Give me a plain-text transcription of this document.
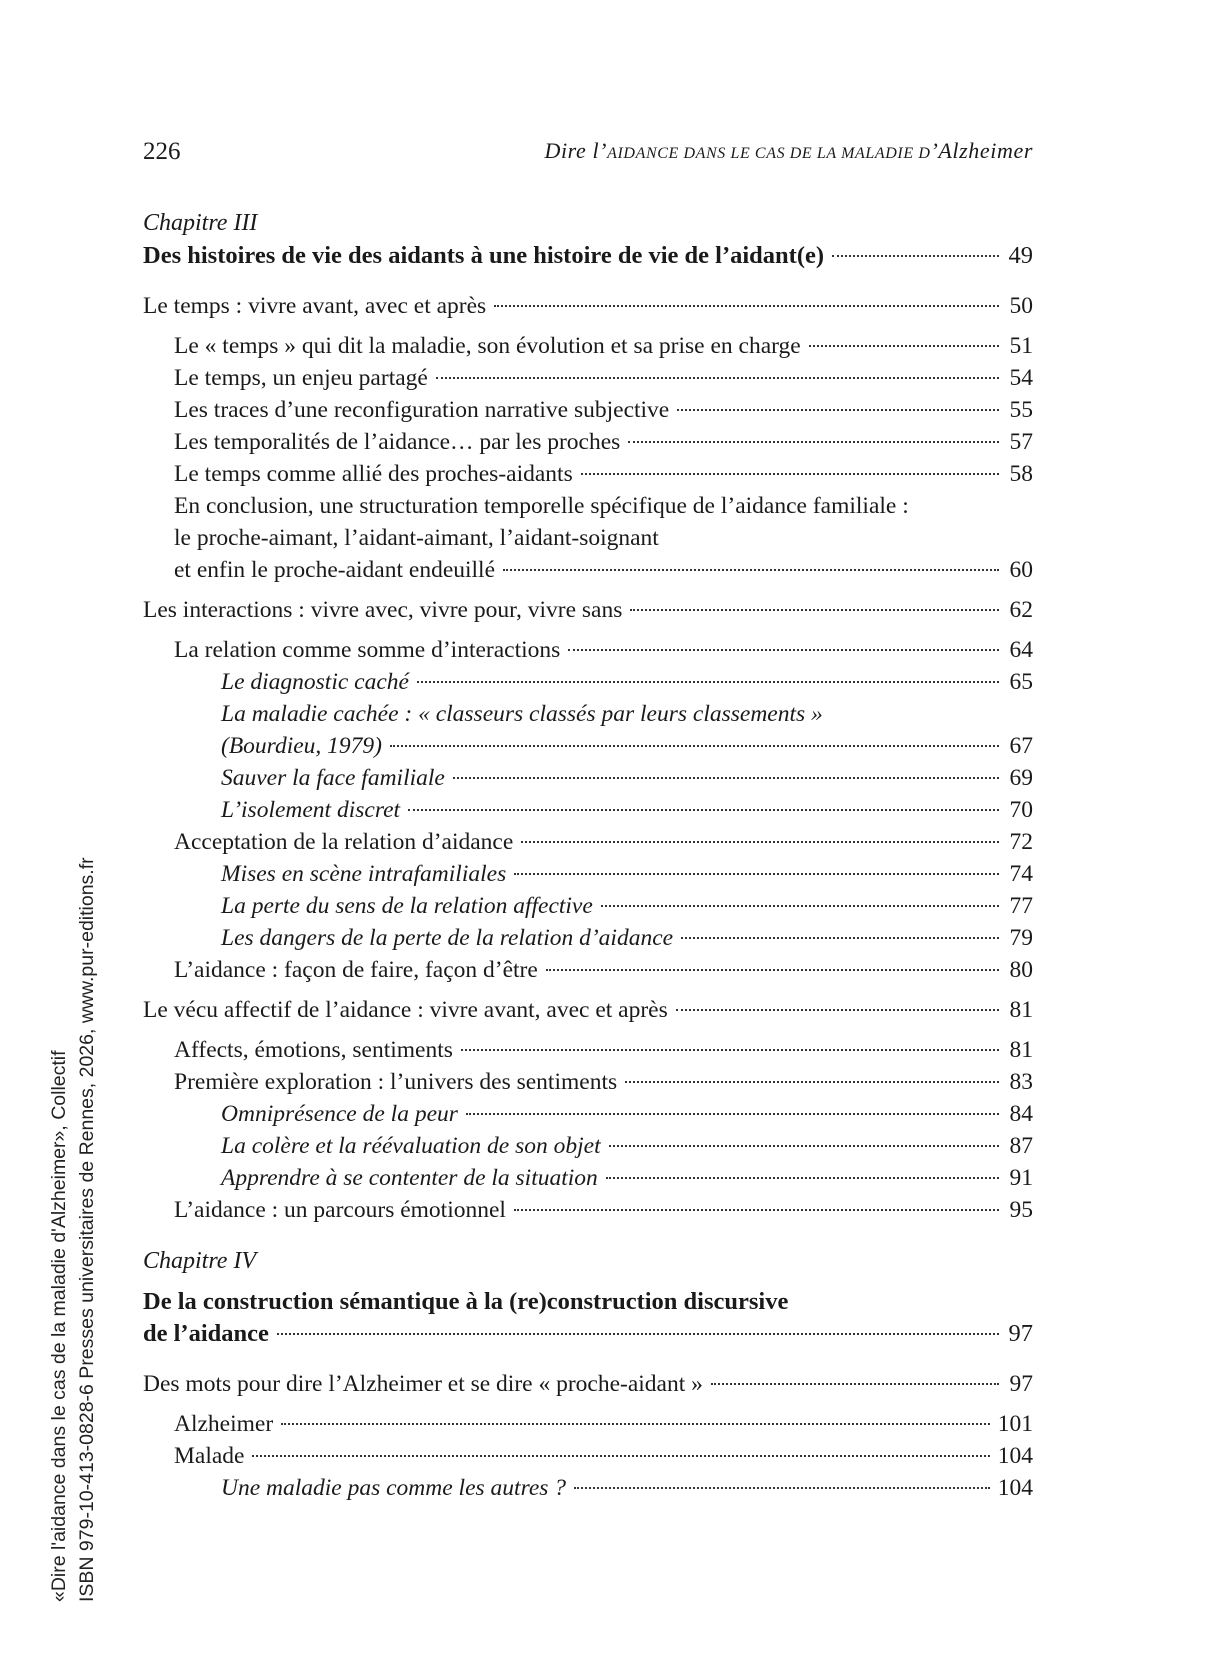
226	Dire l’AIDANCE DANS LE CAS DE LA MALADIE D’Alzheimer
Chapitre III
Des histoires de vie des aidants à une histoire de vie de l’aidant(e)	49
Le temps : vivre avant, avec et après	50
Le « temps » qui dit la maladie, son évolution et sa prise en charge	51
Le temps, un enjeu partagé	54
Les traces d’une reconfiguration narrative subjective	55
Les temporalités de l’aidance… par les proches	57
Le temps comme allié des proches-aidants	58
En conclusion, une structuration temporelle spécifique de l’aidance familiale :
le proche-aimant, l’aidant-aimant, l’aidant-soignant
et enfin le proche-aidant endeuillé	60
Les interactions : vivre avec, vivre pour, vivre sans	62
La relation comme somme d’interactions	64
Le diagnostic caché	65
La maladie cachée : « classeurs classés par leurs classements »
(Bourdieu, 1979)	67
Sauver la face familiale	69
L’isolement discret	70
Acceptation de la relation d’aidance	72
Mises en scène intrafamiliales	74
La perte du sens de la relation affective	77
Les dangers de la perte de la relation d’aidance	79
L’aidance : façon de faire, façon d’être	80
Le vécu affectif de l’aidance : vivre avant, avec et après	81
Affects, émotions, sentiments	81
Première exploration : l’univers des sentiments	83
Omniprésence de la peur	84
La colère et la réévaluation de son objet	87
Apprendre à se contenter de la situation	91
L’aidance : un parcours émotionnel	95
Chapitre IV
De la construction sémantique à la (re)construction discursive
de l’aidance	97
Des mots pour dire l’Alzheimer et se dire « proche-aidant »	97
Alzheimer	101
Malade	104
Une maladie pas comme les autres ?	104
«Dire l'aidance dans le cas de la maladie d'Alzheimer», Collectif ISBN 979-10-413-0828-6 Presses universitaires de Rennes, 2026, www.pur-editions.fr
